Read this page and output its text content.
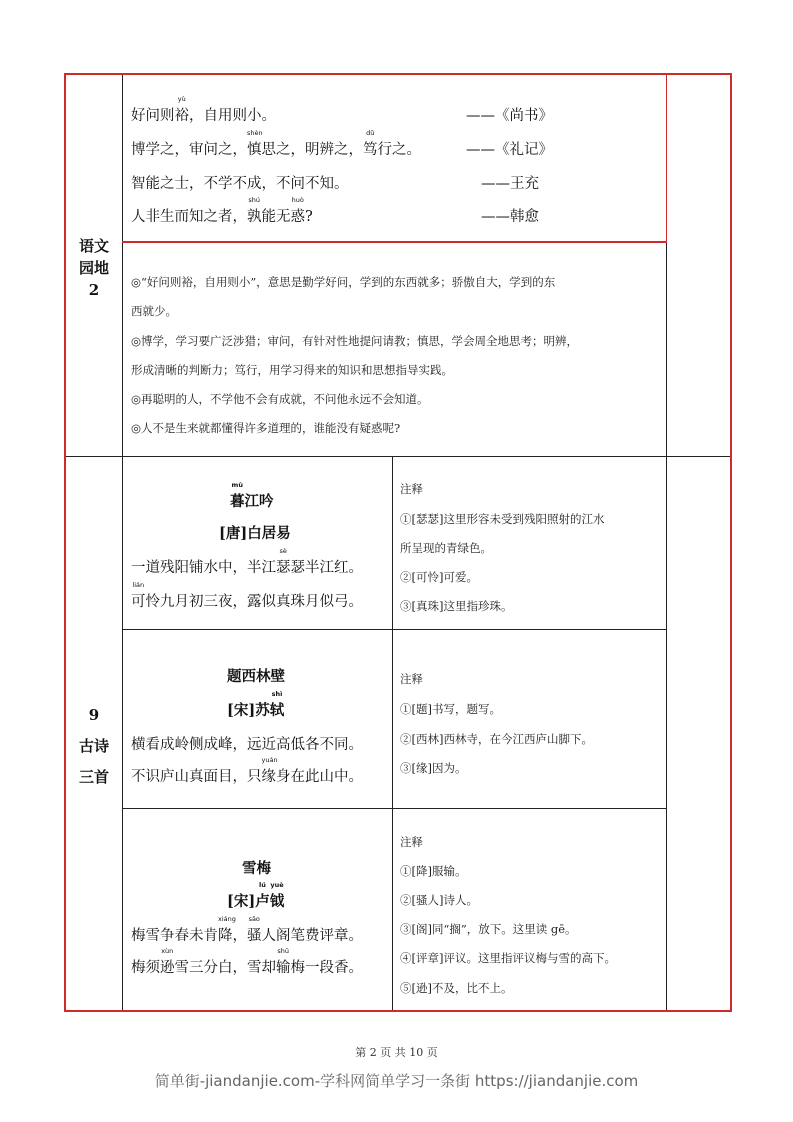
语文
园地
2
好问则
yù
裕，自用则小。	——《尚书》
博学之，审问之，
shèn
慎思之，明辨之，
dǔ
笃行之。	——《礼记》
智能之士，不学不成，不问不知。	——王充
人非生而知之者，
shú
孰能无
huò
惑?	——韩愈
◎“好问则裕，自用则小”，意思是勤学好问，学到的东西就多；骄傲自大，学到的东
西就少。
◎博学，学习要广泛涉猎；审问，有针对性地提问请教；慎思，学会周全地思考；明辨，
形成清晰的判断力；笃行，用学习得来的知识和思想指导实践。
◎再聪明的人，不学他不会有成就，不问他永远不会知道。
◎人不是生来就都懂得许多道理的，谁能没有疑惑呢?
9
古诗
三首
mù
暮江吟
[唐]白居易
一道残阳铺水中，半江
sè
瑟瑟半江红。
lián
可怜九月初三夜，露似真珠月似弓。
注释
①[瑟瑟]这里形容未受到残阳照射的江水
所呈现的青绿色。
②[可怜]可爱。
③[真珠]这里指珍珠。
题西林壁
[宋]苏
shì
轼
横看成岭侧成峰，远近高低各不同。
不识庐山真面目，只
yuán
缘身在此山中。
注释
①[题]书写，题写。
②[西林]西林寺，在今江西庐山脚下。
③[缘]因为。
雪梅
[宋]
lú
卢
yuè
钺
梅雪争春未肯
xiáng
降，
sāo
骚人阁笔费评章。
梅须
xùn
逊雪三分白，雪却
shū
输梅一段香。
注释
①[降]服输。
②[骚人]诗人。
③[阁]同“搁”，放下。这里读 gē。
④[评章]评议。这里指评议梅与雪的高下。
⑤[逊]不及，比不上。
第 2 页 共 10 页
简单街-jiandanjie.com-学科网简单学习一条街 https://jiandanjie.com
